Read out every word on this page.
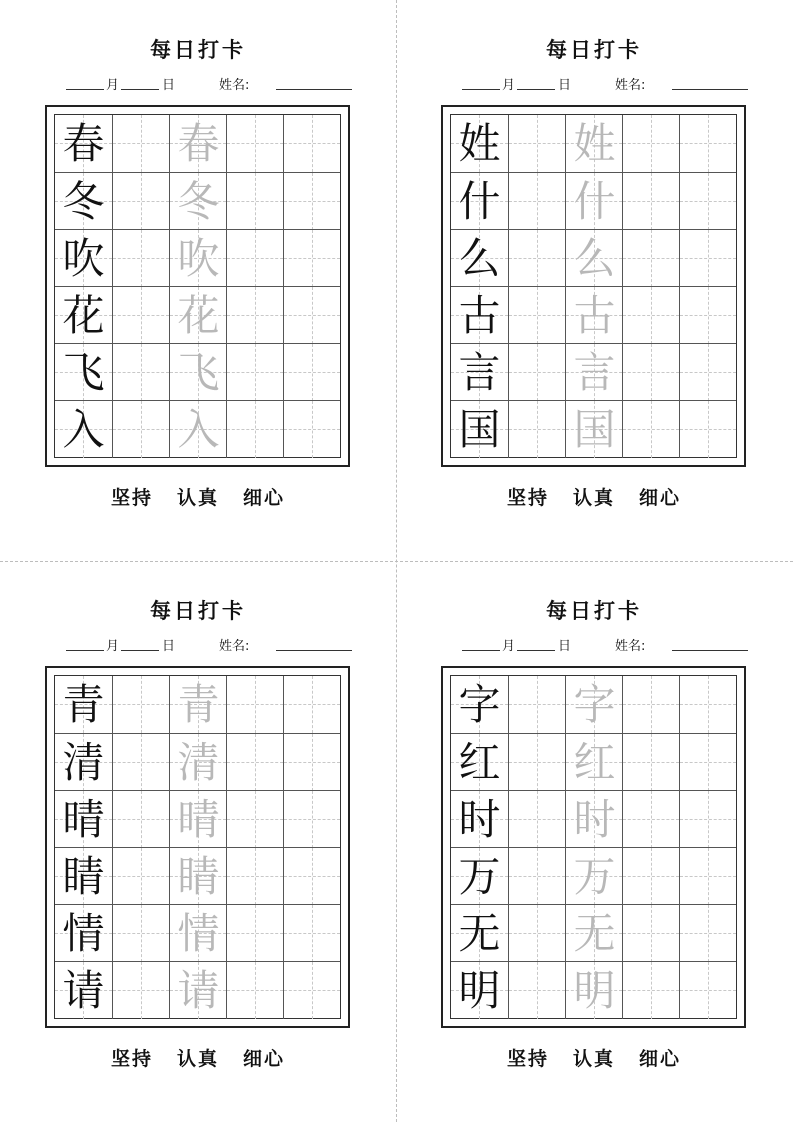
每日打卡
月	日	姓名:
春 春
冬 冬
吹 吹
花 花
飞 飞
入 入
坚持 认真 细心
每日打卡
月	日	姓名:
姓 姓
什 什
么 么
古 古
言 言
国 国
坚持 认真 细心
每日打卡
月	日	姓名:
青 青
清 清
晴 晴
睛 睛
情 情
请 请
坚持 认真 细心
每日打卡
月	日	姓名:
字 字
红 红
时 时
万 万
无 无
明 明
坚持 认真 细心
